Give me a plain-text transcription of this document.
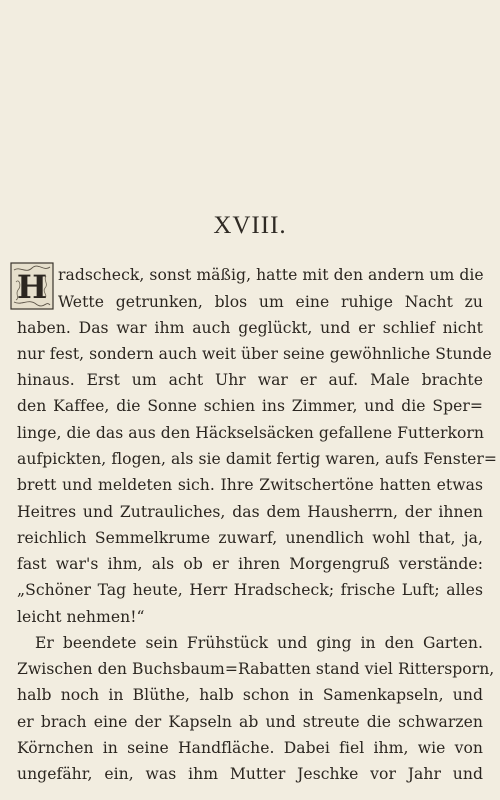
XVIII.
H radscheck, sonst mäßig, hatte mit den andern um die
Wette getrunken, blos um eine ruhige Nacht zu
haben. Das war ihm auch geglückt, und er schlief nicht
nur fest, sondern auch weit über seine gewöhnliche Stunde
hinaus. Erst um acht Uhr war er auf. Male brachte
den Kaffee, die Sonne schien ins Zimmer, und die Sper=
linge, die das aus den Häckselsäcken gefallene Futterkorn
aufpickten, flogen, als sie damit fertig waren, aufs Fenster=
brett und meldeten sich. Ihre Zwitschertöne hatten etwas
Heitres und Zutrauliches, das dem Hausherrn, der ihnen
reichlich Semmelkrume zuwarf, unendlich wohl that, ja,
fast war's ihm, als ob er ihren Morgengruß verstände:
„Schöner Tag heute, Herr Hradscheck; frische Luft; alles
leicht nehmen!“
Er beendete sein Frühstück und ging in den Garten.
Zwischen den Buchsbaum=Rabatten stand viel Rittersporn,
halb noch in Blüthe, halb schon in Samenkapseln, und
er brach eine der Kapseln ab und streute die schwarzen
Körnchen in seine Handfläche. Dabei fiel ihm, wie von
ungefähr, ein, was ihm Mutter Jeschke vor Jahr und
